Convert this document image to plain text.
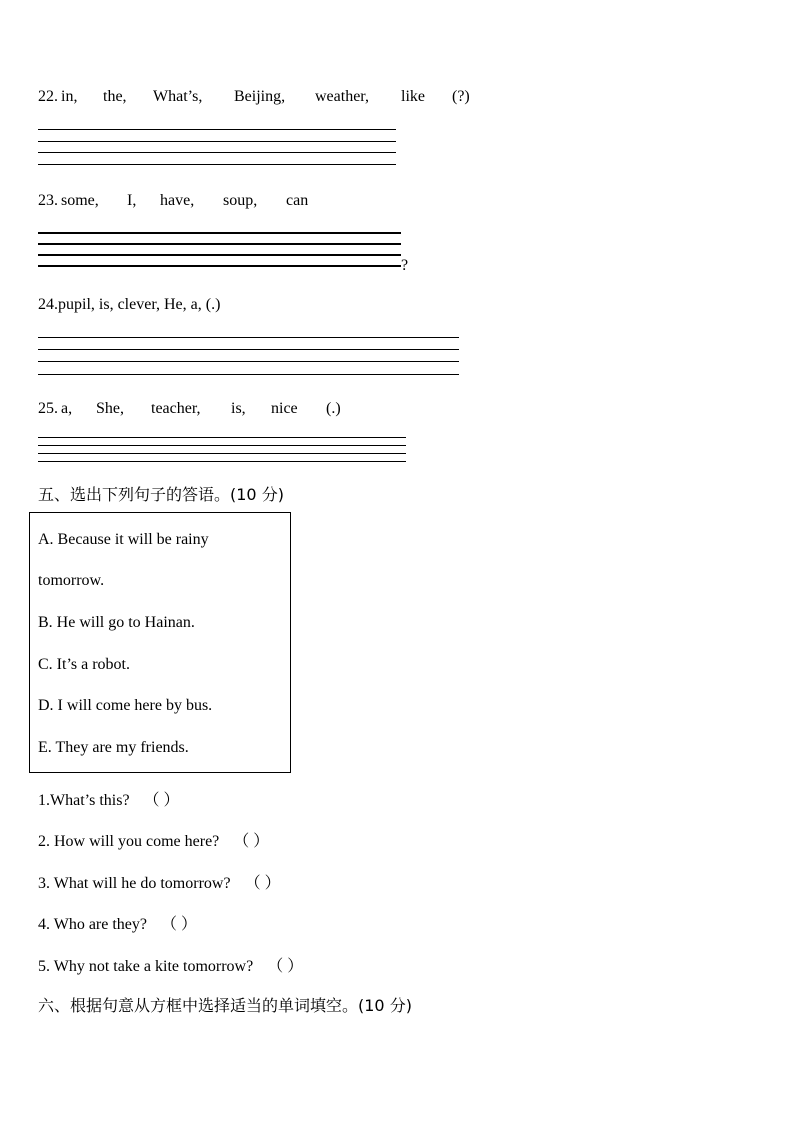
22. in, the, What’s, Beijing, weather, like (?)
23. some, I, have, soup, can
?
24.pupil, is, clever, He, a, (.)
25. a, She, teacher, is, nice (.)
五、选出下列句子的答语。(10 分)
A. Because it will be rainy
tomorrow.
B. He will go to Hainan.
C. It’s a robot.
D. I will come here by bus.
E. They are my friends.
1.What’s this? （ ）
2. How will you come here? （ ）
3. What will he do tomorrow? （ ）
4. Who are they? （ ）
5. Why not take a kite tomorrow? （ ）
六、根据句意从方框中选择适当的单词填空。(10 分)
